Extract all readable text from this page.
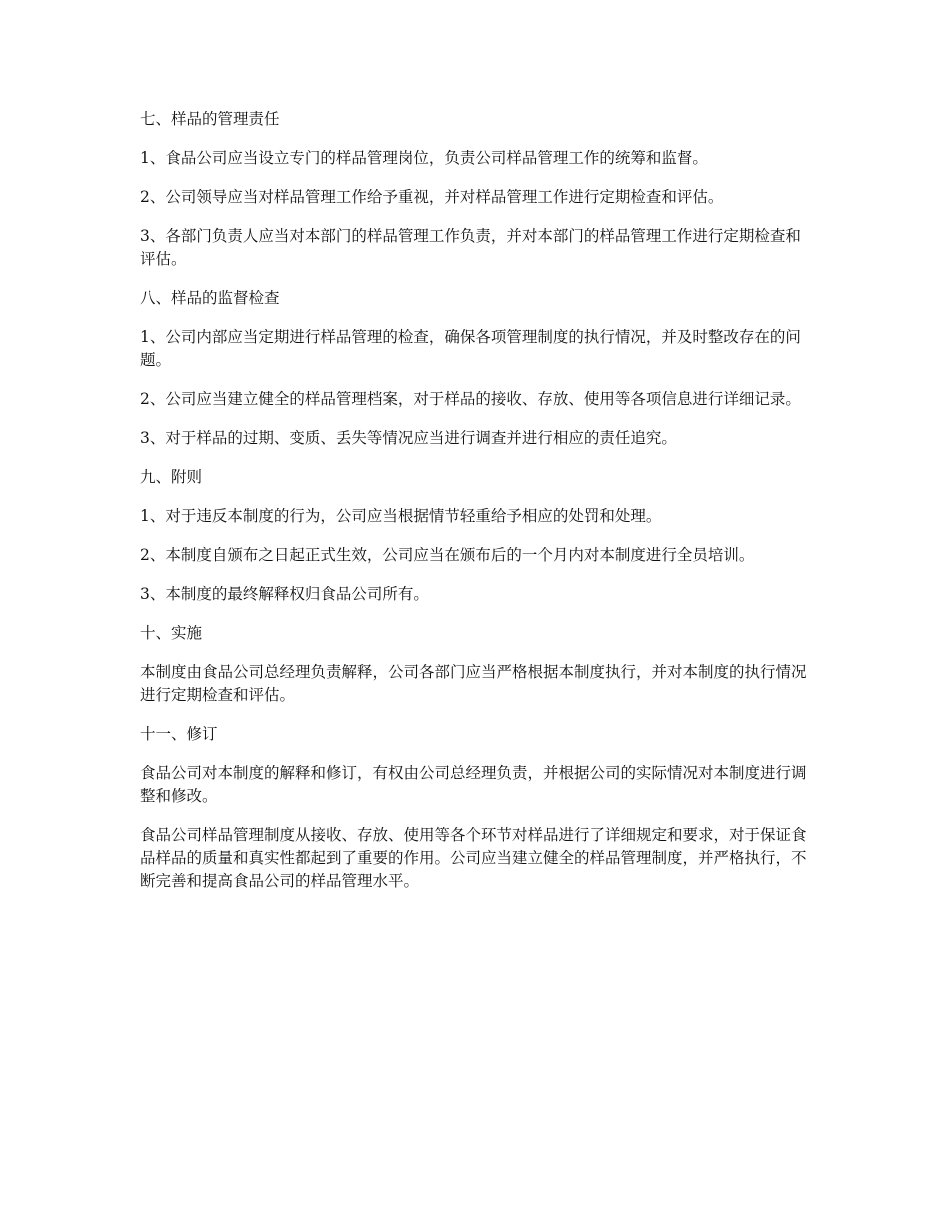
七、样品的管理责任

1、食品公司应当设立专门的样品管理岗位，负责公司样品管理工作的统筹和监督。

2、公司领导应当对样品管理工作给予重视，并对样品管理工作进行定期检查和评估。

3、各部门负责人应当对本部门的样品管理工作负责，并对本部门的样品管理工作进行定期检查和评估。

八、样品的监督检查

1、公司内部应当定期进行样品管理的检查，确保各项管理制度的执行情况，并及时整改存在的问题。

2、公司应当建立健全的样品管理档案，对于样品的接收、存放、使用等各项信息进行详细记录。

3、对于样品的过期、变质、丢失等情况应当进行调查并进行相应的责任追究。

九、附则

1、对于违反本制度的行为，公司应当根据情节轻重给予相应的处罚和处理。

2、本制度自颁布之日起正式生效，公司应当在颁布后的一个月内对本制度进行全员培训。

3、本制度的最终解释权归食品公司所有。

十、实施

本制度由食品公司总经理负责解释，公司各部门应当严格根据本制度执行，并对本制度的执行情况进行定期检查和评估。

十一、修订

食品公司对本制度的解释和修订，有权由公司总经理负责，并根据公司的实际情况对本制度进行调整和修改。

食品公司样品管理制度从接收、存放、使用等各个环节对样品进行了详细规定和要求，对于保证食品样品的质量和真实性都起到了重要的作用。公司应当建立健全的样品管理制度，并严格执行，不断完善和提高食品公司的样品管理水平。
